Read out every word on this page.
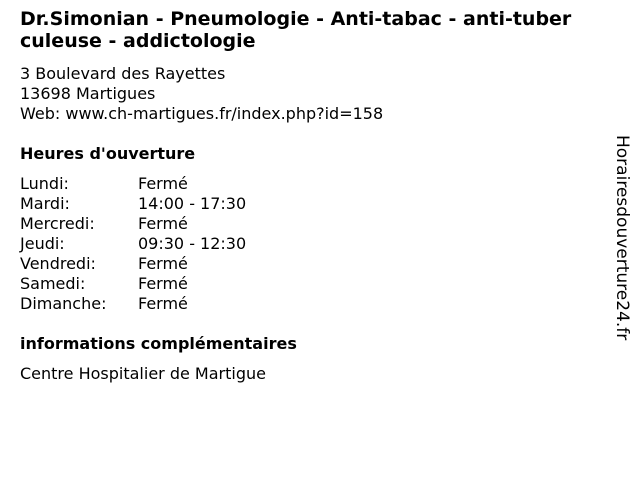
Dr.Simonian - Pneumologie - Anti-tabac - anti-tuberculeuse - addictologie
3 Boulevard des Rayettes
13698 Martigues
Web: www.ch-martigues.fr/index.php?id=158
Heures d'ouverture
Lundi:	Fermé
Mardi:	14:00 - 17:30
Mercredi:	Fermé
Jeudi:	09:30 - 12:30
Vendredi:	Fermé
Samedi:	Fermé
Dimanche:	Fermé
informations complémentaires
Centre Hospitalier de Martigue
Horairesdouverture24.fr
